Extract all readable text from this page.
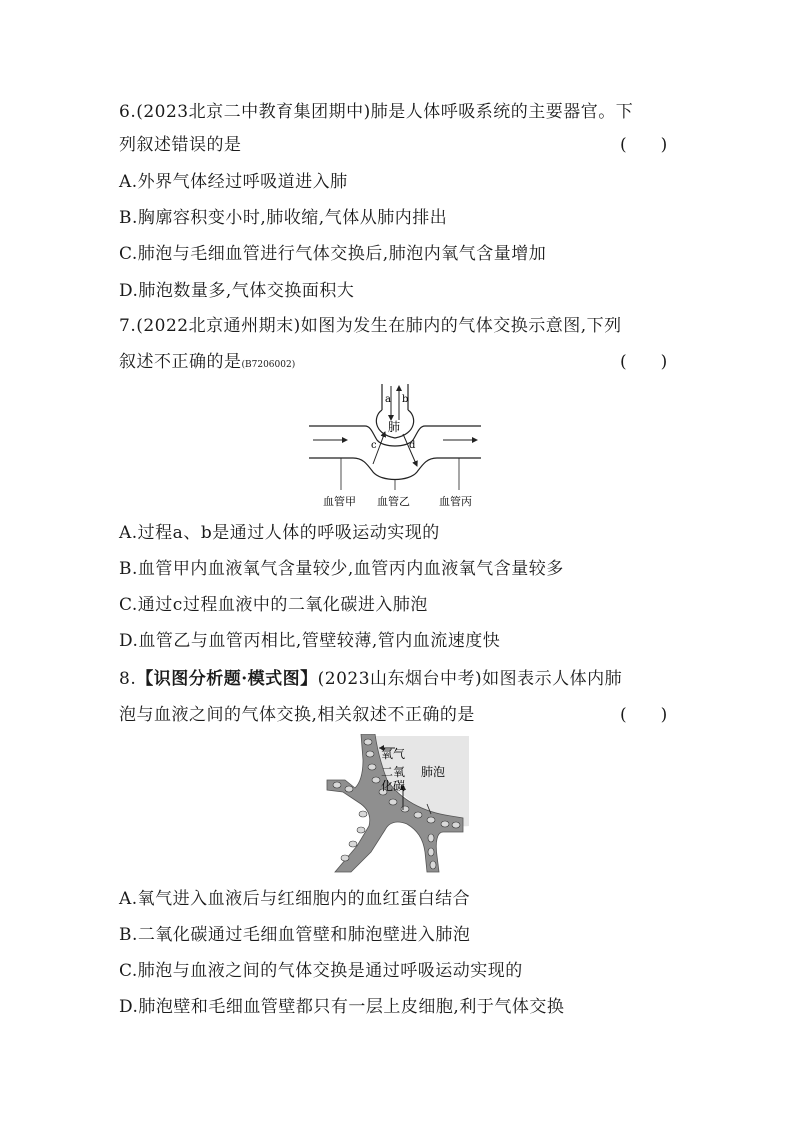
6.(2023北京二中教育集团期中)肺是人体呼吸系统的主要器官。下
列叙述错误的是	(　　)
A.外界气体经过呼吸道进入肺
B.胸廓容积变小时,肺收缩,气体从肺内排出
C.肺泡与毛细血管进行气体交换后,肺泡内氧气含量增加
D.肺泡数量多,气体交换面积大
7.(2022北京通州期末)如图为发生在肺内的气体交换示意图,下列
叙述不正确的是(B7206002)	(　　)
a b
肺
c	d
血管甲 血管乙	血管丙
A.过程a、b是通过人体的呼吸运动实现的
B.血管甲内血液氧气含量较少,血管丙内血液氧气含量较多
C.通过c过程血液中的二氧化碳进入肺泡
D.血管乙与血管丙相比,管壁较薄,管内血流速度快
8.【识图分析题·模式图】(2023山东烟台中考)如图表示人体内肺
泡与血液之间的气体交换,相关叙述不正确的是	(　　)
氧气
二氧
化碳
肺泡
A.氧气进入血液后与红细胞内的血红蛋白结合
B.二氧化碳通过毛细血管壁和肺泡壁进入肺泡
C.肺泡与血液之间的气体交换是通过呼吸运动实现的
D.肺泡壁和毛细血管壁都只有一层上皮细胞,利于气体交换
